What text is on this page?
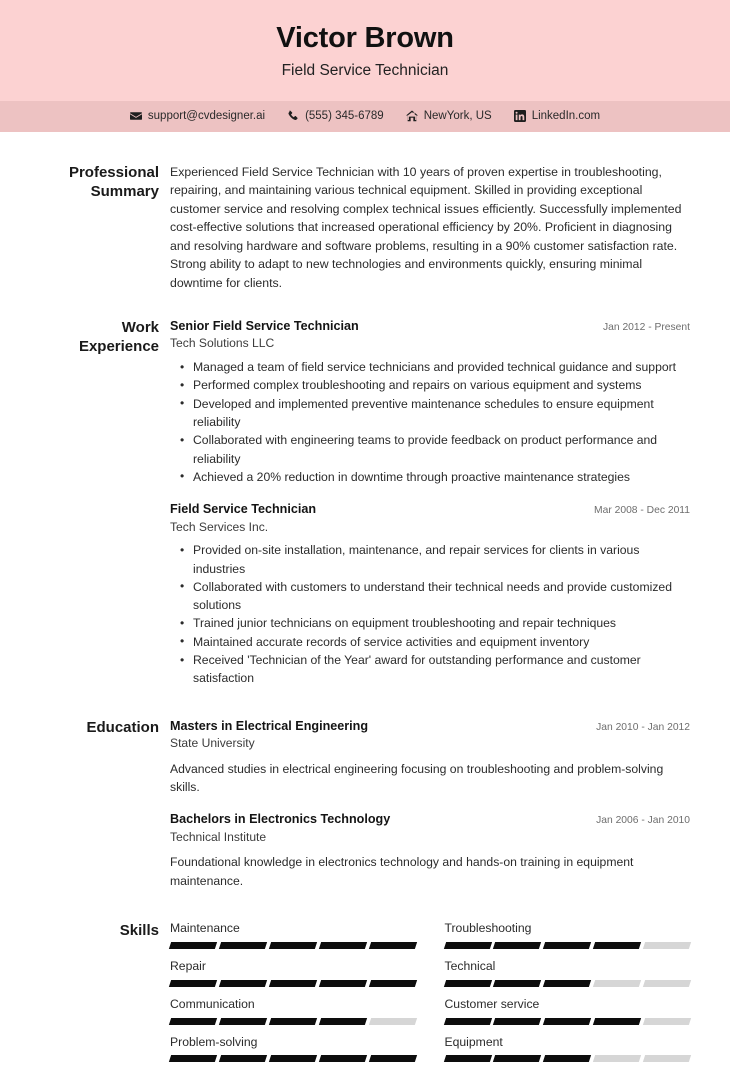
Victor Brown
Field Service Technician
support@cvdesigner.ai	(555) 345-6789	NewYork, US	LinkedIn.com
Professional Summary
Experienced Field Service Technician with 10 years of proven expertise in troubleshooting, repairing, and maintaining various technical equipment. Skilled in providing exceptional customer service and resolving complex technical issues efficiently. Successfully implemented cost-effective solutions that increased operational efficiency by 20%. Proficient in diagnosing and resolving hardware and software problems, resulting in a 90% customer satisfaction rate. Strong ability to adapt to new technologies and environments quickly, ensuring minimal downtime for clients.
Work Experience
Senior Field Service Technician	Jan 2012 - Present
Tech Solutions LLC
• Managed a team of field service technicians and provided technical guidance and support
• Performed complex troubleshooting and repairs on various equipment and systems
• Developed and implemented preventive maintenance schedules to ensure equipment reliability
• Collaborated with engineering teams to provide feedback on product performance and reliability
• Achieved a 20% reduction in downtime through proactive maintenance strategies
Field Service Technician	Mar 2008 - Dec 2011
Tech Services Inc.
• Provided on-site installation, maintenance, and repair services for clients in various industries
• Collaborated with customers to understand their technical needs and provide customized solutions
• Trained junior technicians on equipment troubleshooting and repair techniques
• Maintained accurate records of service activities and equipment inventory
• Received 'Technician of the Year' award for outstanding performance and customer satisfaction
Education Masters in Electrical Engineering	Jan 2010 - Jan 2012
State University
Advanced studies in electrical engineering focusing on troubleshooting and problem-solving skills.
Bachelors in Electronics Technology	Jan 2006 - Jan 2010
Technical Institute
Foundational knowledge in electronics technology and hands-on training in equipment maintenance.
Skills Maintenance	Troubleshooting
Repair	Technical
Communication	Customer service
Problem-solving	Equipment
